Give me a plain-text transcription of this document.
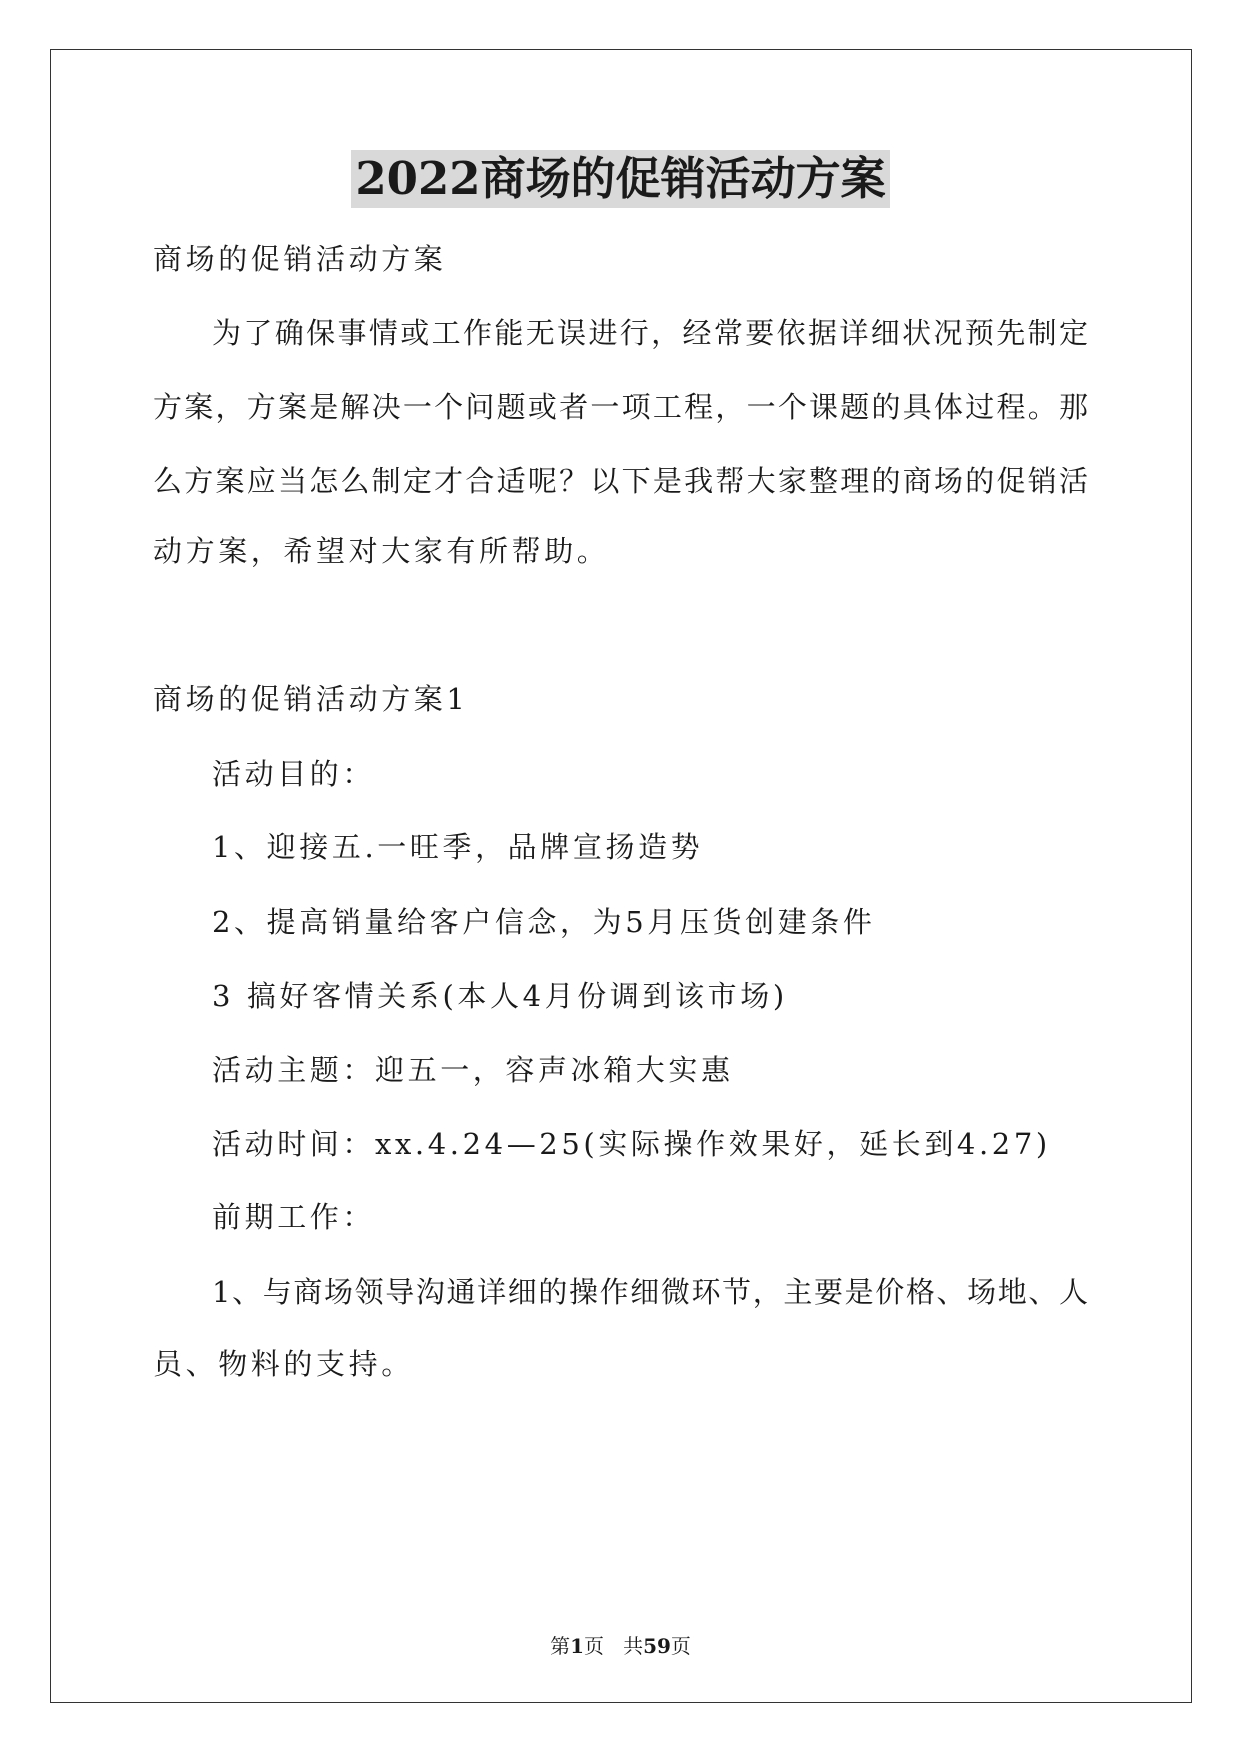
2022商场的促销活动方案
商场的促销活动方案
为了确保事情或工作能无误进行，经常要依据详细状况预先制定
方案，方案是解决一个问题或者一项工程，一个课题的具体过程。那
么方案应当怎么制定才合适呢？以下是我帮大家整理的商场的促销活
动方案，希望对大家有所帮助。
商场的促销活动方案1
活动目的：
1、迎接五.一旺季，品牌宣扬造势
2、提高销量给客户信念，为5月压货创建条件
3 搞好客情关系(本人4月份调到该市场)
活动主题：迎五一，容声冰箱大实惠
活动时间：xx.4.24—25(实际操作效果好，延长到4.27)
前期工作：
1、与商场领导沟通详细的操作细微环节，主要是价格、场地、人
员、物料的支持。
第1页 共59页
